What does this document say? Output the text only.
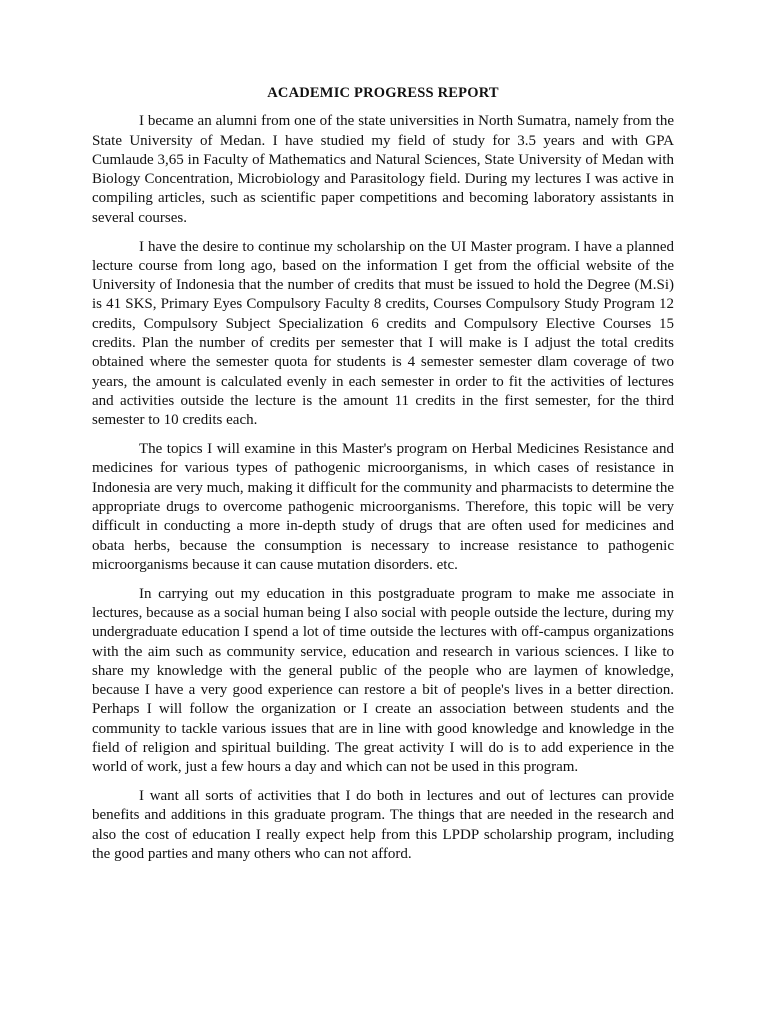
ACADEMIC PROGRESS REPORT

I became an alumni from one of the state universities in North Sumatra, namely from the State University of Medan. I have studied my field of study for 3.5 years and with GPA Cumlaude 3,65 in Faculty of Mathematics and Natural Sciences, State University of Medan with Biology Concentration, Microbiology and Parasitology field. During my lectures I was active in compiling articles, such as scientific paper competitions and becoming laboratory assistants in several courses.

I have the desire to continue my scholarship on the UI Master program. I have a planned lecture course from long ago, based on the information I get from the official website of the University of Indonesia that the number of credits that must be issued to hold the Degree (M.Si) is 41 SKS, Primary Eyes Compulsory Faculty 8 credits, Courses Compulsory Study Program 12 credits, Compulsory Subject Specialization 6 credits and Compulsory Elective Courses 15 credits. Plan the number of credits per semester that I will make is I adjust the total credits obtained where the semester quota for students is 4 semester semester dlam coverage of two years, the amount is calculated evenly in each semester in order to fit the activities of lectures and activities outside the lecture is the amount 11 credits in the first semester, for the third semester to 10 credits each.

The topics I will examine in this Master's program on Herbal Medicines Resistance and medicines for various types of pathogenic microorganisms, in which cases of resistance in Indonesia are very much, making it difficult for the community and pharmacists to determine the appropriate drugs to overcome pathogenic microorganisms. Therefore, this topic will be very difficult in conducting a more in-depth study of drugs that are often used for medicines and obata herbs, because the consumption is necessary to increase resistance to pathogenic microorganisms because it can cause mutation disorders. etc.

In carrying out my education in this postgraduate program to make me associate in lectures, because as a social human being I also social with people outside the lecture, during my undergraduate education I spend a lot of time outside the lectures with off-campus organizations with the aim such as community service, education and research in various sciences. I like to share my knowledge with the general public of the people who are laymen of knowledge, because I have a very good experience can restore a bit of people's lives in a better direction. Perhaps I will follow the organization or I create an association between students and the community to tackle various issues that are in line with good knowledge and knowledge in the field of religion and spiritual building. The great activity I will do is to add experience in the world of work, just a few hours a day and which can not be used in this program.

I want all sorts of activities that I do both in lectures and out of lectures can provide benefits and additions in this graduate program. The things that are needed in the research and also the cost of education I really expect help from this LPDP scholarship program, including the good parties and many others who can not afford.
